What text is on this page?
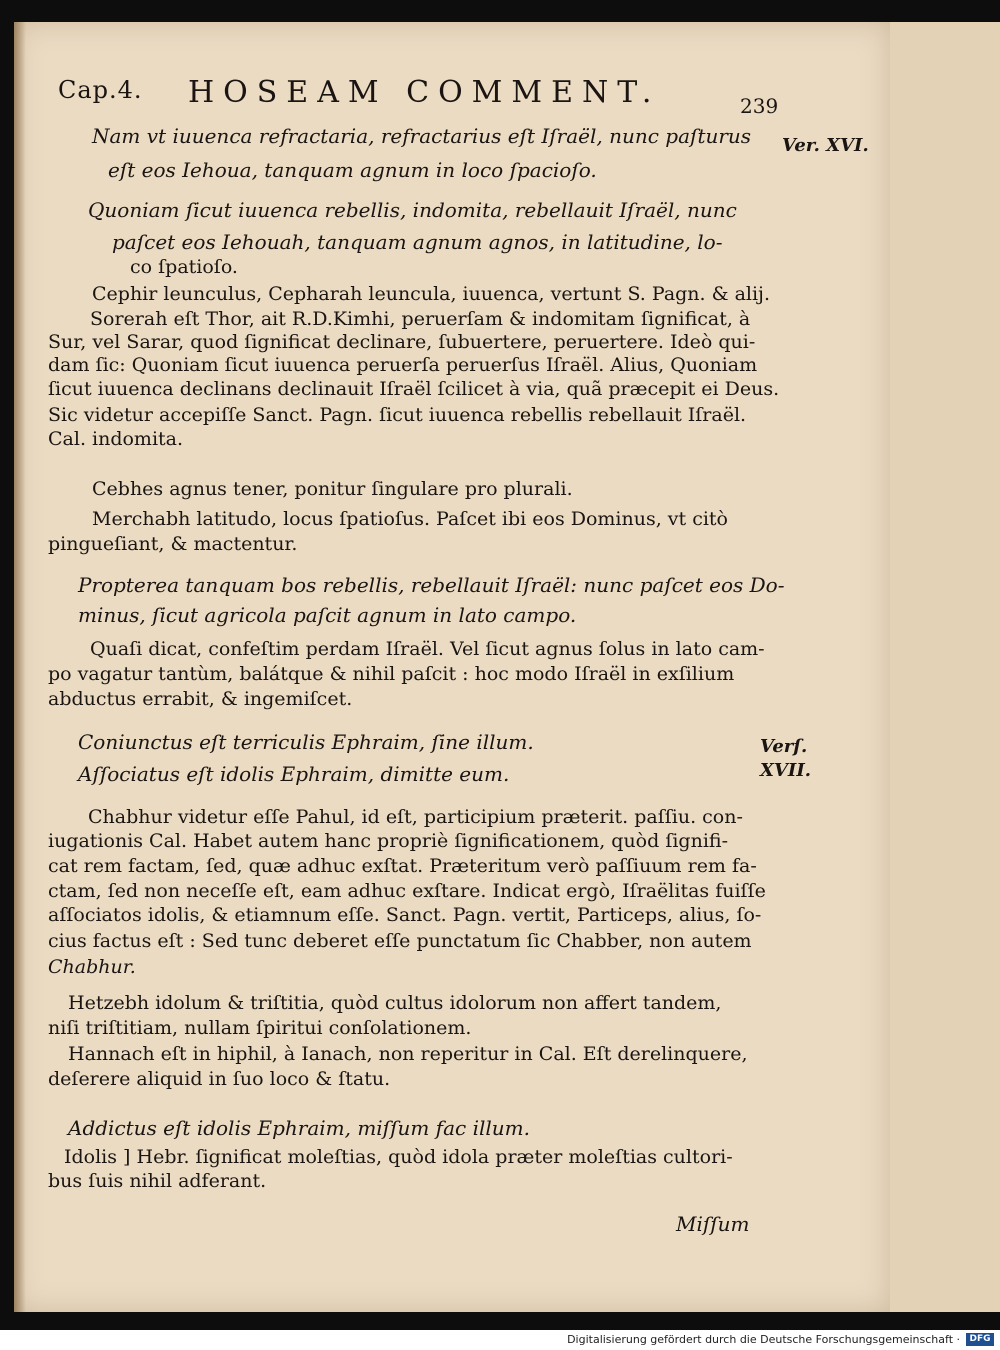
Cap.4. HOSEAM COMMENT.	239
Ver. XVI.
Verſ.
XVII.
Nam vt iuuenca refractaria, refractarius eſt Iſraël, nunc paſturus
eſt eos Iehoua, tanquam agnum in loco ſpacioſo.
Quoniam ſicut iuuenca rebellis, indomita, rebellauit Iſraël, nunc
paſcet eos Iehouah, tanquam agnum agnos, in latitudine, lo-
co ſpatioſo.
Cephir leunculus, Cepharah leuncula, iuuenca, vertunt S. Pagn. & alij.
Sorerah eſt Thor, ait R.D.Kimhi, peruerſam & indomitam ſignificat, à
Sur, vel Sarar, quod ſignificat declinare, ſubuertere, peruertere. Ideò qui-
dam ſic: Quoniam ſicut iuuenca peruerſa peruerſus Iſraël. Alius, Quoniam
ſicut iuuenca declinans declinauit Iſraël ſcilicet à via, quã præcepit ei Deus.
Sic videtur accepiſſe Sanct. Pagn. ſicut iuuenca rebellis rebellauit Iſraël.
Cal. indomita.
Cebhes agnus tener, ponitur ſingulare pro plurali.
Merchabh latitudo, locus ſpatioſus. Paſcet ibi eos Dominus, vt citò
pingueſiant, & mactentur.
Propterea tanquam bos rebellis, rebellauit Iſraël: nunc paſcet eos Do-
minus, ſicut agricola paſcit agnum in lato campo.
Quaſi dicat, confeſtim perdam Iſraël. Vel ſicut agnus ſolus in lato cam-
po vagatur tantùm, balátque & nihil paſcit : hoc modo Iſraël in exſilium
abductus errabit, & ingemiſcet.
Coniunctus eſt terriculis Ephraim, ſine illum.
Aſſociatus eſt idolis Ephraim, dimitte eum.
Chabhur videtur eſſe Pahul, id eſt, participium præterit. paſſiu. con-
iugationis Cal. Habet autem hanc propriè ſignificationem, quòd ſignifi-
cat rem factam, ſed, quæ adhuc exſtat. Præteritum verò paſſiuum rem fa-
ctam, ſed non neceſſe eſt, eam adhuc exſtare. Indicat ergò, Iſraëlitas fuiſſe
aſſociatos idolis, & etiamnum eſſe. Sanct. Pagn. vertit, Particeps, alius, ſo-
cius factus eſt : Sed tunc deberet eſſe punctatum ſic Chabber, non autem
Chabhur.
Hetzebh idolum & triſtitia, quòd cultus idolorum non affert tandem,
niſi triſtitiam, nullam ſpiritui conſolationem.
Hannach eſt in hiphil, à Ianach, non reperitur in Cal. Eſt derelinquere,
deſerere aliquid in ſuo loco & ſtatu.
Addictus eſt idolis Ephraim, miſſum fac illum.
Idolis ] Hebr. ſignificat moleſtias, quòd idola præter moleſtias cultori-
bus ſuis nihil adferant.
Miſſum
Digitalisierung gefördert durch die Deutsche Forschungsgemeinschaft ·	DFG
